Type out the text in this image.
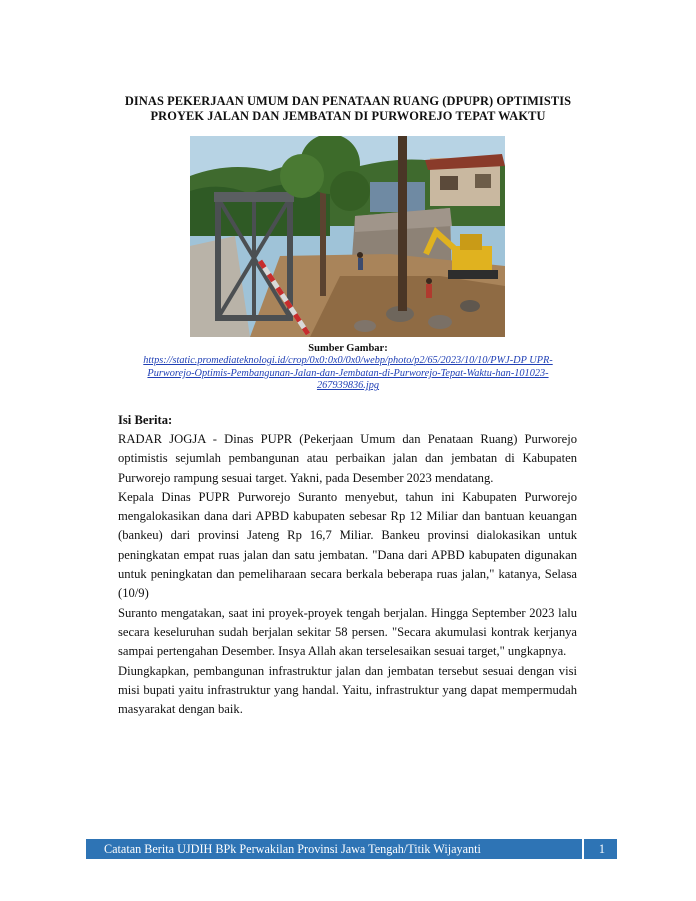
DINAS PEKERJAAN UMUM DAN PENATAAN RUANG (DPUPR) OPTIMISTIS PROYEK JALAN DAN JEMBATAN DI PURWOREJO TEPAT WAKTU
Sumber Gambar:
https://static.promediateknologi.id/crop/0x0:0x0/0x0/webp/photo/p2/65/2023/10/10/PWJ-DP UPR-Purworejo-Optimis-Pembangunan-Jalan-dan-Jembatan-di-Purworejo-Tepat-Waktu-han-101023-267939836.jpg

Isi Berita:

RADAR JOGJA - Dinas PUPR (Pekerjaan Umum dan Penataan Ruang) Purworejo optimistis sejumlah pembangunan atau perbaikan jalan dan jembatan di Kabupaten Purworejo rampung sesuai target. Yakni, pada Desember 2023 mendatang.

Kepala Dinas PUPR Purworejo Suranto menyebut, tahun ini Kabupaten Purworejo mengalokasikan dana dari APBD kabupaten sebesar Rp 12 Miliar dan bantuan keuangan (bankeu) dari provinsi Jateng Rp 16,7 Miliar. Bankeu provinsi dialokasikan untuk peningkatan empat ruas jalan dan satu jembatan. "Dana dari APBD kabupaten digunakan untuk peningkatan dan pemeliharaan secara berkala beberapa ruas jalan," katanya, Selasa (10/9)

Suranto mengatakan, saat ini proyek-proyek tengah berjalan. Hingga September 2023 lalu secara keseluruhan sudah berjalan sekitar 58 persen. "Secara akumulasi kontrak kerjanya sampai pertengahan Desember. Insya Allah akan terselesaikan sesuai target," ungkapnya.

Diungkapkan, pembangunan infrastruktur jalan dan jembatan tersebut sesuai dengan visi misi bupati yaitu infrastruktur yang handal. Yaitu, infrastruktur yang dapat mempermudah masyarakat dengan baik.

Catatan Berita UJDIH BPk Perwakilan Provinsi Jawa Tengah/Titik Wijayanti	1
